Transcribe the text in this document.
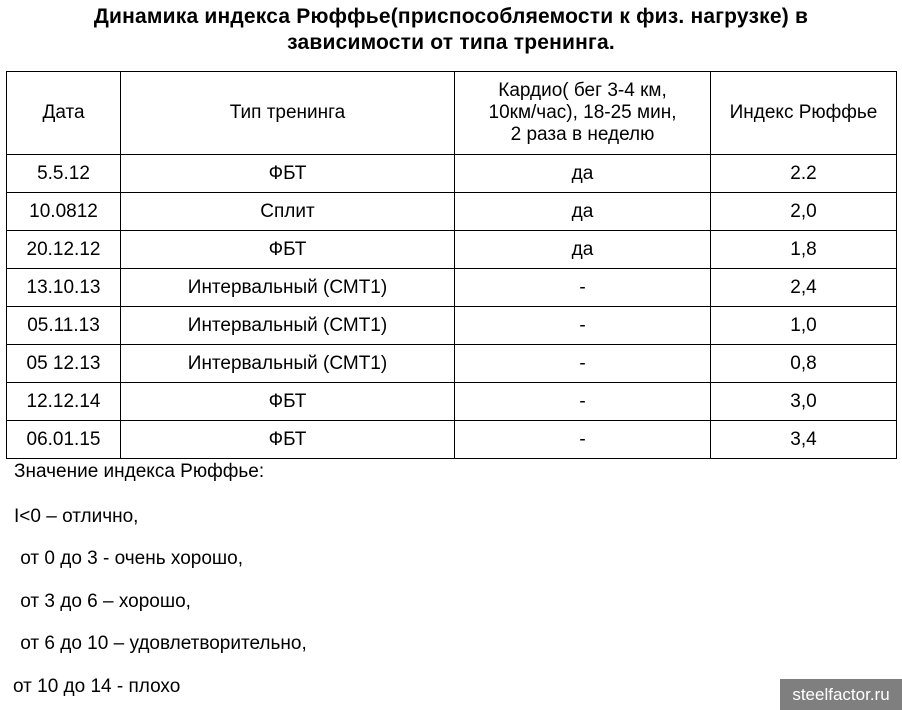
Динамика индекса Рюффье(приспособляемости к физ. нагрузке) в
зависимости от типа тренинга.
Дата	Тип тренинга	Кардио( бег 3-4 км,
10км/час), 18-25 мин,
2 раза в неделю	Индекс Рюффье
5.5.12	ФБТ	да	2.2
10.0812	Сплит	да	2,0
20.12.12	ФБТ	да	1,8
13.10.13	Интервальный (СМТ1)	-	2,4
05.11.13	Интервальный (СМТ1)	-	1,0
05 12.13	Интервальный (СМТ1)	-	0,8
12.12.14	ФБТ	-	3,0
06.01.15	ФБТ	-	3,4
Значение индекса Рюффье:
I<0 – отлично,
от 0 до 3 - очень хорошо,
от 3 до 6 – хорошо,
от 6 до 10 – удовлетворительно,
от 10 до 14 - плохо	steelfactor.ru
